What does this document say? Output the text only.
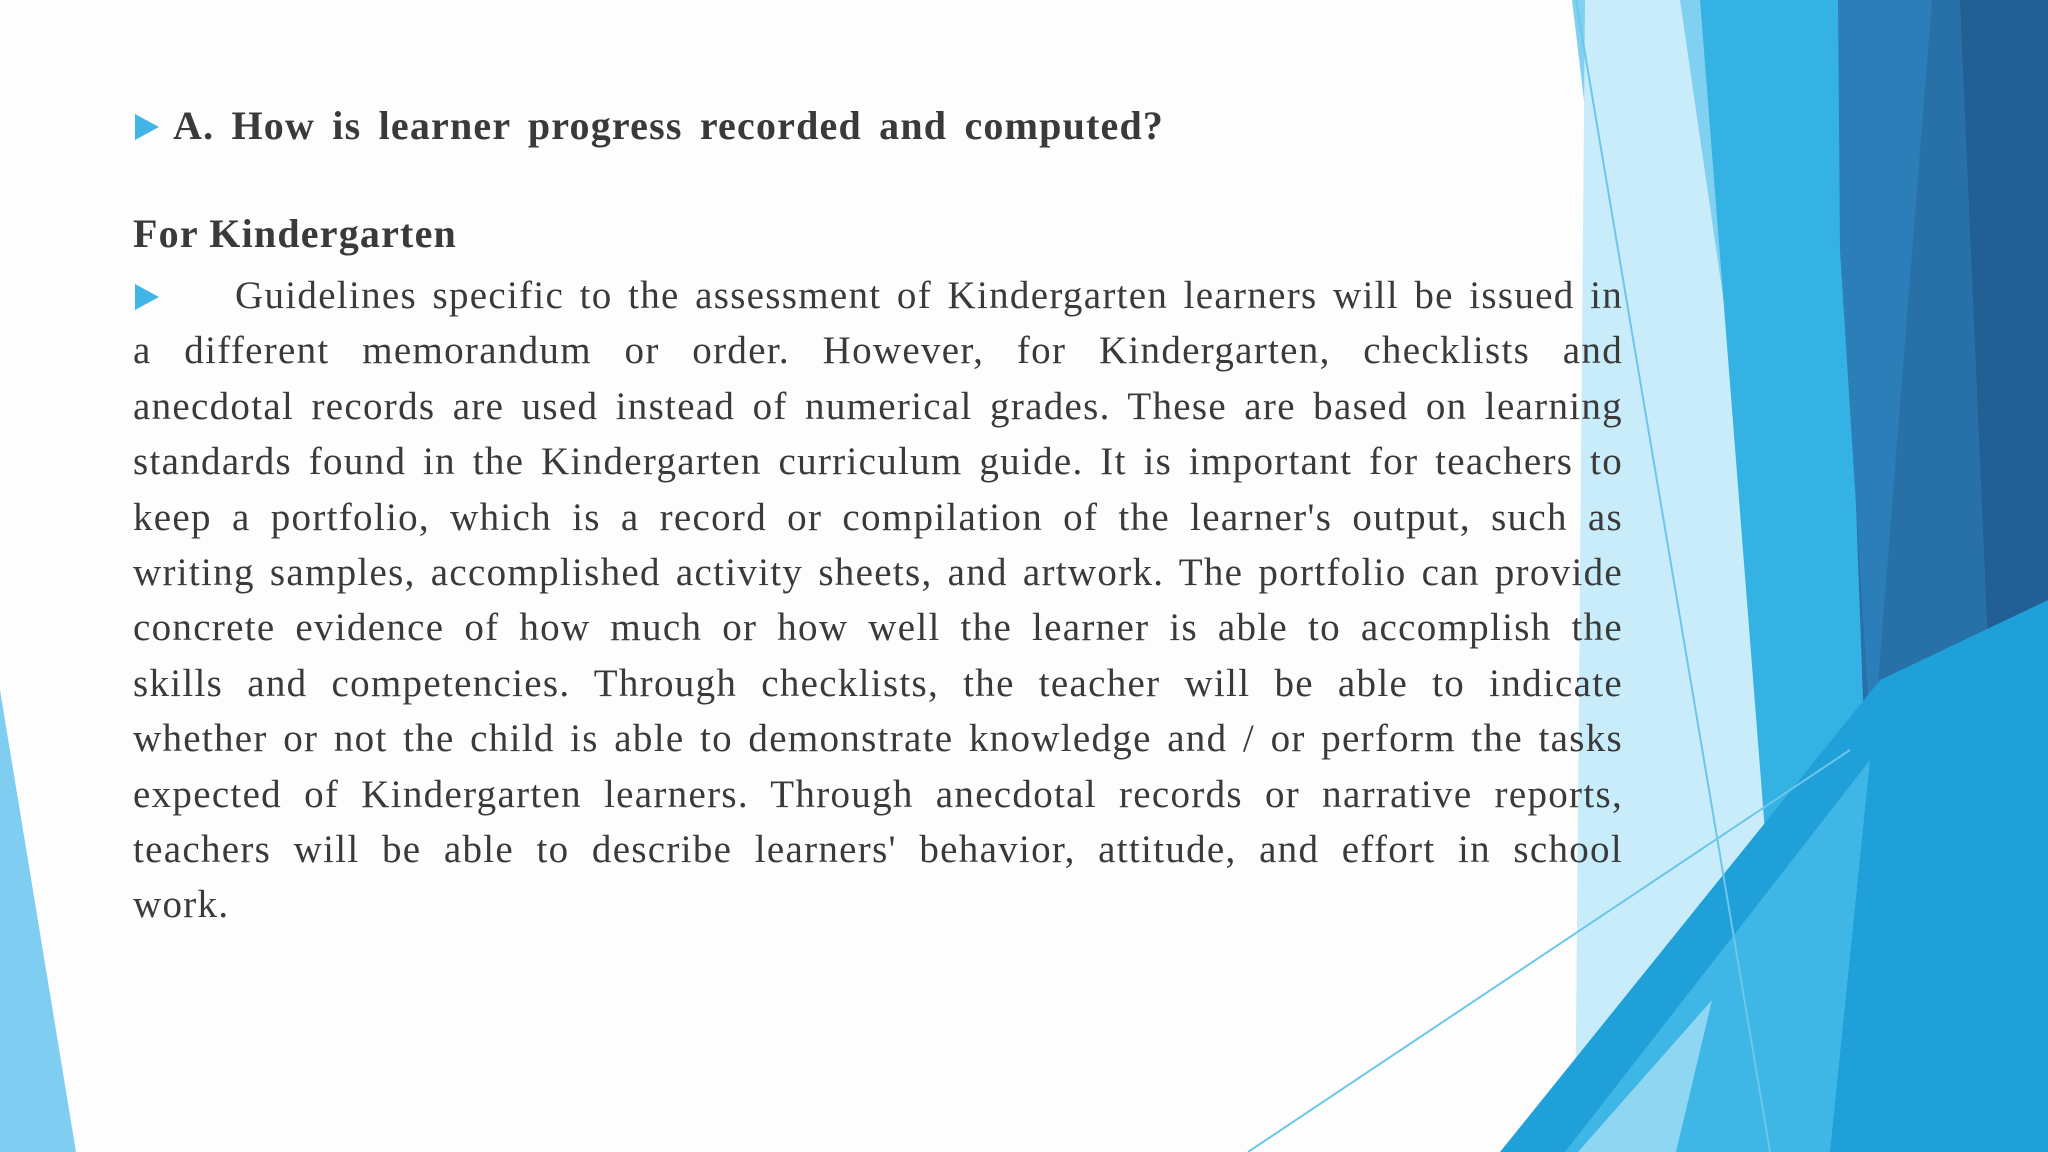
A. How is learner progress recorded and computed?
For Kindergarten
Guidelines specific to the assessment of Kindergarten learners will be issued in a different memorandum or order. However, for Kindergarten, checklists and anecdotal records are used instead of numerical grades. These are based on learning standards found in the Kindergarten curriculum guide. It is important for teachers to keep a portfolio, which is a record or compilation of the learner's output, such as writing samples, accomplished activity sheets, and artwork. The portfolio can provide concrete evidence of how much or how well the learner is able to accomplish the skills and competencies. Through checklists, the teacher will be able to indicate whether or not the child is able to demonstrate knowledge and / or perform the tasks expected of Kindergarten learners. Through anecdotal records or narrative reports, teachers will be able to describe learners' behavior, attitude, and effort in school work.
